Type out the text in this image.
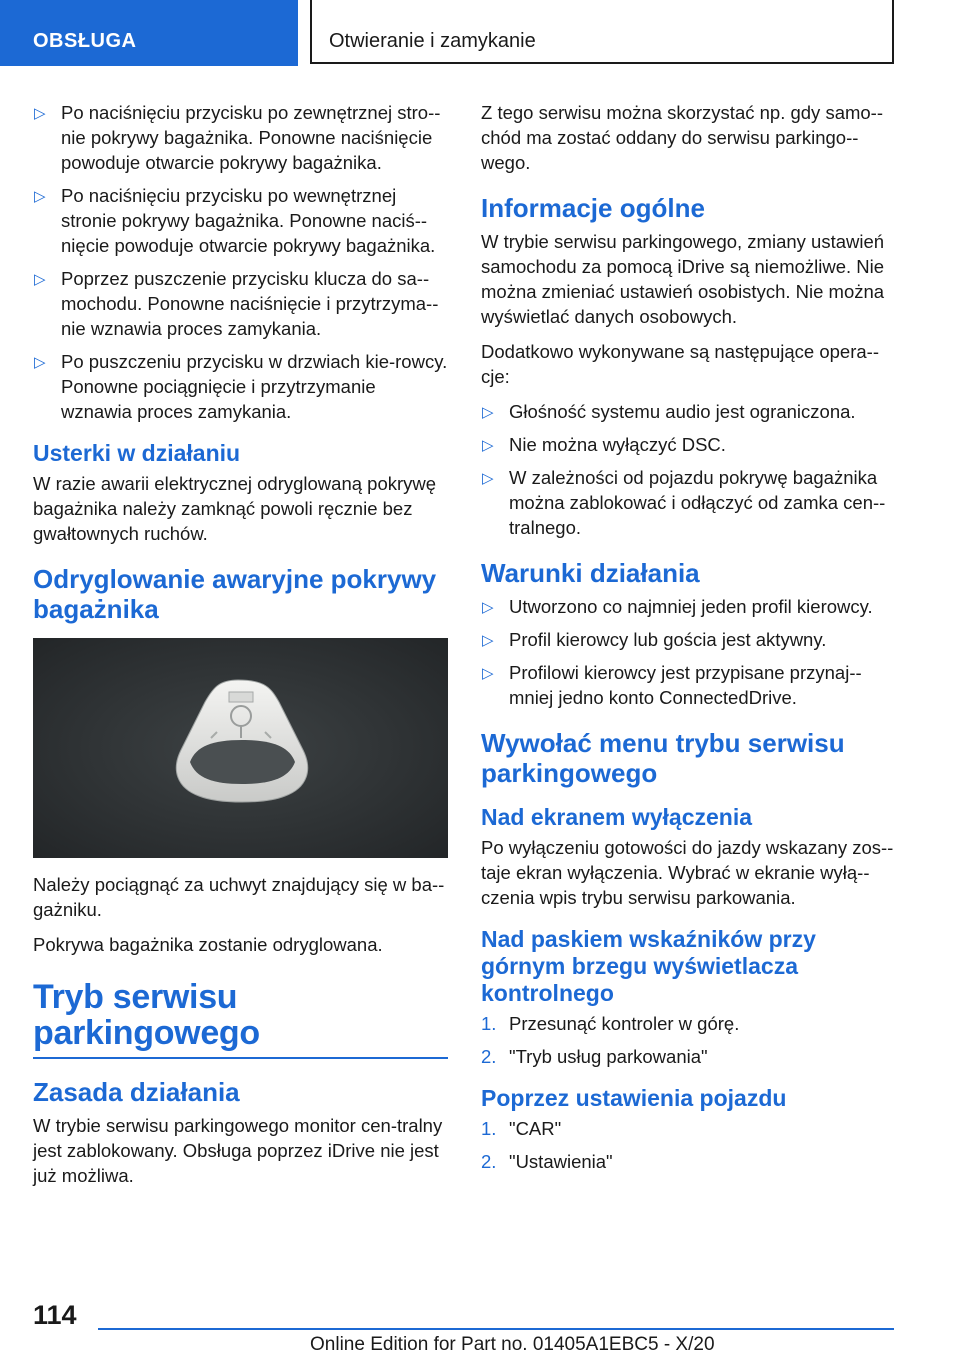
OBSŁUGA	Otwieranie i zamykanie
▷ Po naciśnięciu przycisku po zewnętrznej stro-nie pokrywy bagażnika. Ponowne naciśnięcie powoduje otwarcie pokrywy bagażnika.
▷ Po naciśnięciu przycisku po wewnętrznej stronie pokrywy bagażnika. Ponowne naciś-nięcie powoduje otwarcie pokrywy bagażnika.
▷ Poprzez puszczenie przycisku klucza do sa-mochodu. Ponowne naciśnięcie i przytrzyma-nie wznawia proces zamykania.
▷ Po puszczeniu przycisku w drzwiach kie-rowcy. Ponowne pociągnięcie i przytrzymanie wznawia proces zamykania.
Usterki w działaniu

W razie awarii elektrycznej odryglowaną pokrywę bagażnika należy zamknąć powoli ręcznie bez gwałtownych ruchów.

Odryglowanie awaryjne pokrywy bagażnika

Należy pociągnąć za uchwyt znajdujący się w ba-gażniku.

Pokrywa bagażnika zostanie odryglowana.

Tryb serwisu parkingowego
Zasada działania

W trybie serwisu parkingowego monitor cen-tralny jest zablokowany. Obsługa poprzez iDrive nie jest już możliwa.

Z tego serwisu można skorzystać np. gdy samo-chód ma zostać oddany do serwisu parkingo-wego.

Informacje ogólne

W trybie serwisu parkingowego, zmiany ustawień samochodu za pomocą iDrive są niemożliwe. Nie można zmieniać ustawień osobistych. Nie można wyświetlać danych osobowych.

Dodatkowo wykonywane są następujące opera-cje:

▷ Głośność systemu audio jest ograniczona.
▷ Nie można wyłączyć DSC.
▷ W zależności od pojazdu pokrywę bagażnika można zablokować i odłączyć od zamka cen-tralnego.
Warunki działania
▷ Utworzono co najmniej jeden profil kierowcy.
▷ Profil kierowcy lub gościa jest aktywny.
▷ Profilowi kierowcy jest przypisane przynaj-mniej jedno konto ConnectedDrive.
Wywołać menu trybu serwisu parkingowego
Nad ekranem wyłączenia

Po wyłączeniu gotowości do jazdy wskazany zos-taje ekran wyłączenia. Wybrać w ekranie wyłą-czenia wpis trybu serwisu parkowania.

Nad paskiem wskaźników przy górnym brzegu wyświetlacza kontrolnego
1. Przesunąć kontroler w górę.
2. "Tryb usług parkowania"
Poprzez ustawienia pojazdu
1. "CAR"
2. "Ustawienia"
114
Online Edition for Part no. 01405A1EBC5 - X/20
